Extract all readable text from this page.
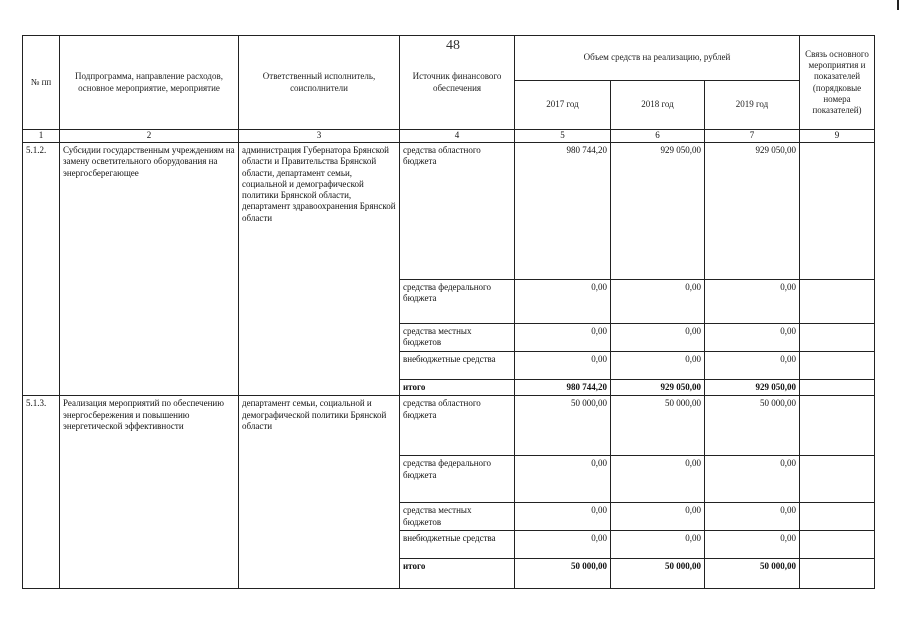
48
№ пп	Подпрограмма, направление расходов, основное мероприятие, мероприятие	Ответственный исполнитель, соисполнители	Источник финансового обеспечения	Объем средств на реализацию, рублей			Связь основного мероприятия и показателей (порядковые номера показателей)
				2017 год	2018 год	2019 год	
1	2	3	4	5	6	7	9
5.1.2.	Субсидии государственным учреждениям на замену осветительного оборудования на энергосберегающее	администрация Губернатора Брянской области и Правительства Брянской области, департамент семьи, социальной и демографической политики Брянской области, департамент здравоохранения Брянской области	средства областного бюджета	980 744,20	929 050,00	929 050,00	
			средства федерального бюджета	0,00	0,00	0,00	
			средства местных бюджетов	0,00	0,00	0,00	
			внебюджетные средства	0,00	0,00	0,00	
			итого	980 744,20	929 050,00	929 050,00	
5.1.3.	Реализация мероприятий по обеспечению энергосбережения и повышению энергетической эффективности	департамент семьи, социальной и демографической политики Брянской области	средства областного бюджета	50 000,00	50 000,00	50 000,00	
			средства федерального бюджета	0,00	0,00	0,00	
			средства местных бюджетов	0,00	0,00	0,00	
			внебюджетные средства	0,00	0,00	0,00	
			итого	50 000,00	50 000,00	50 000,00	
